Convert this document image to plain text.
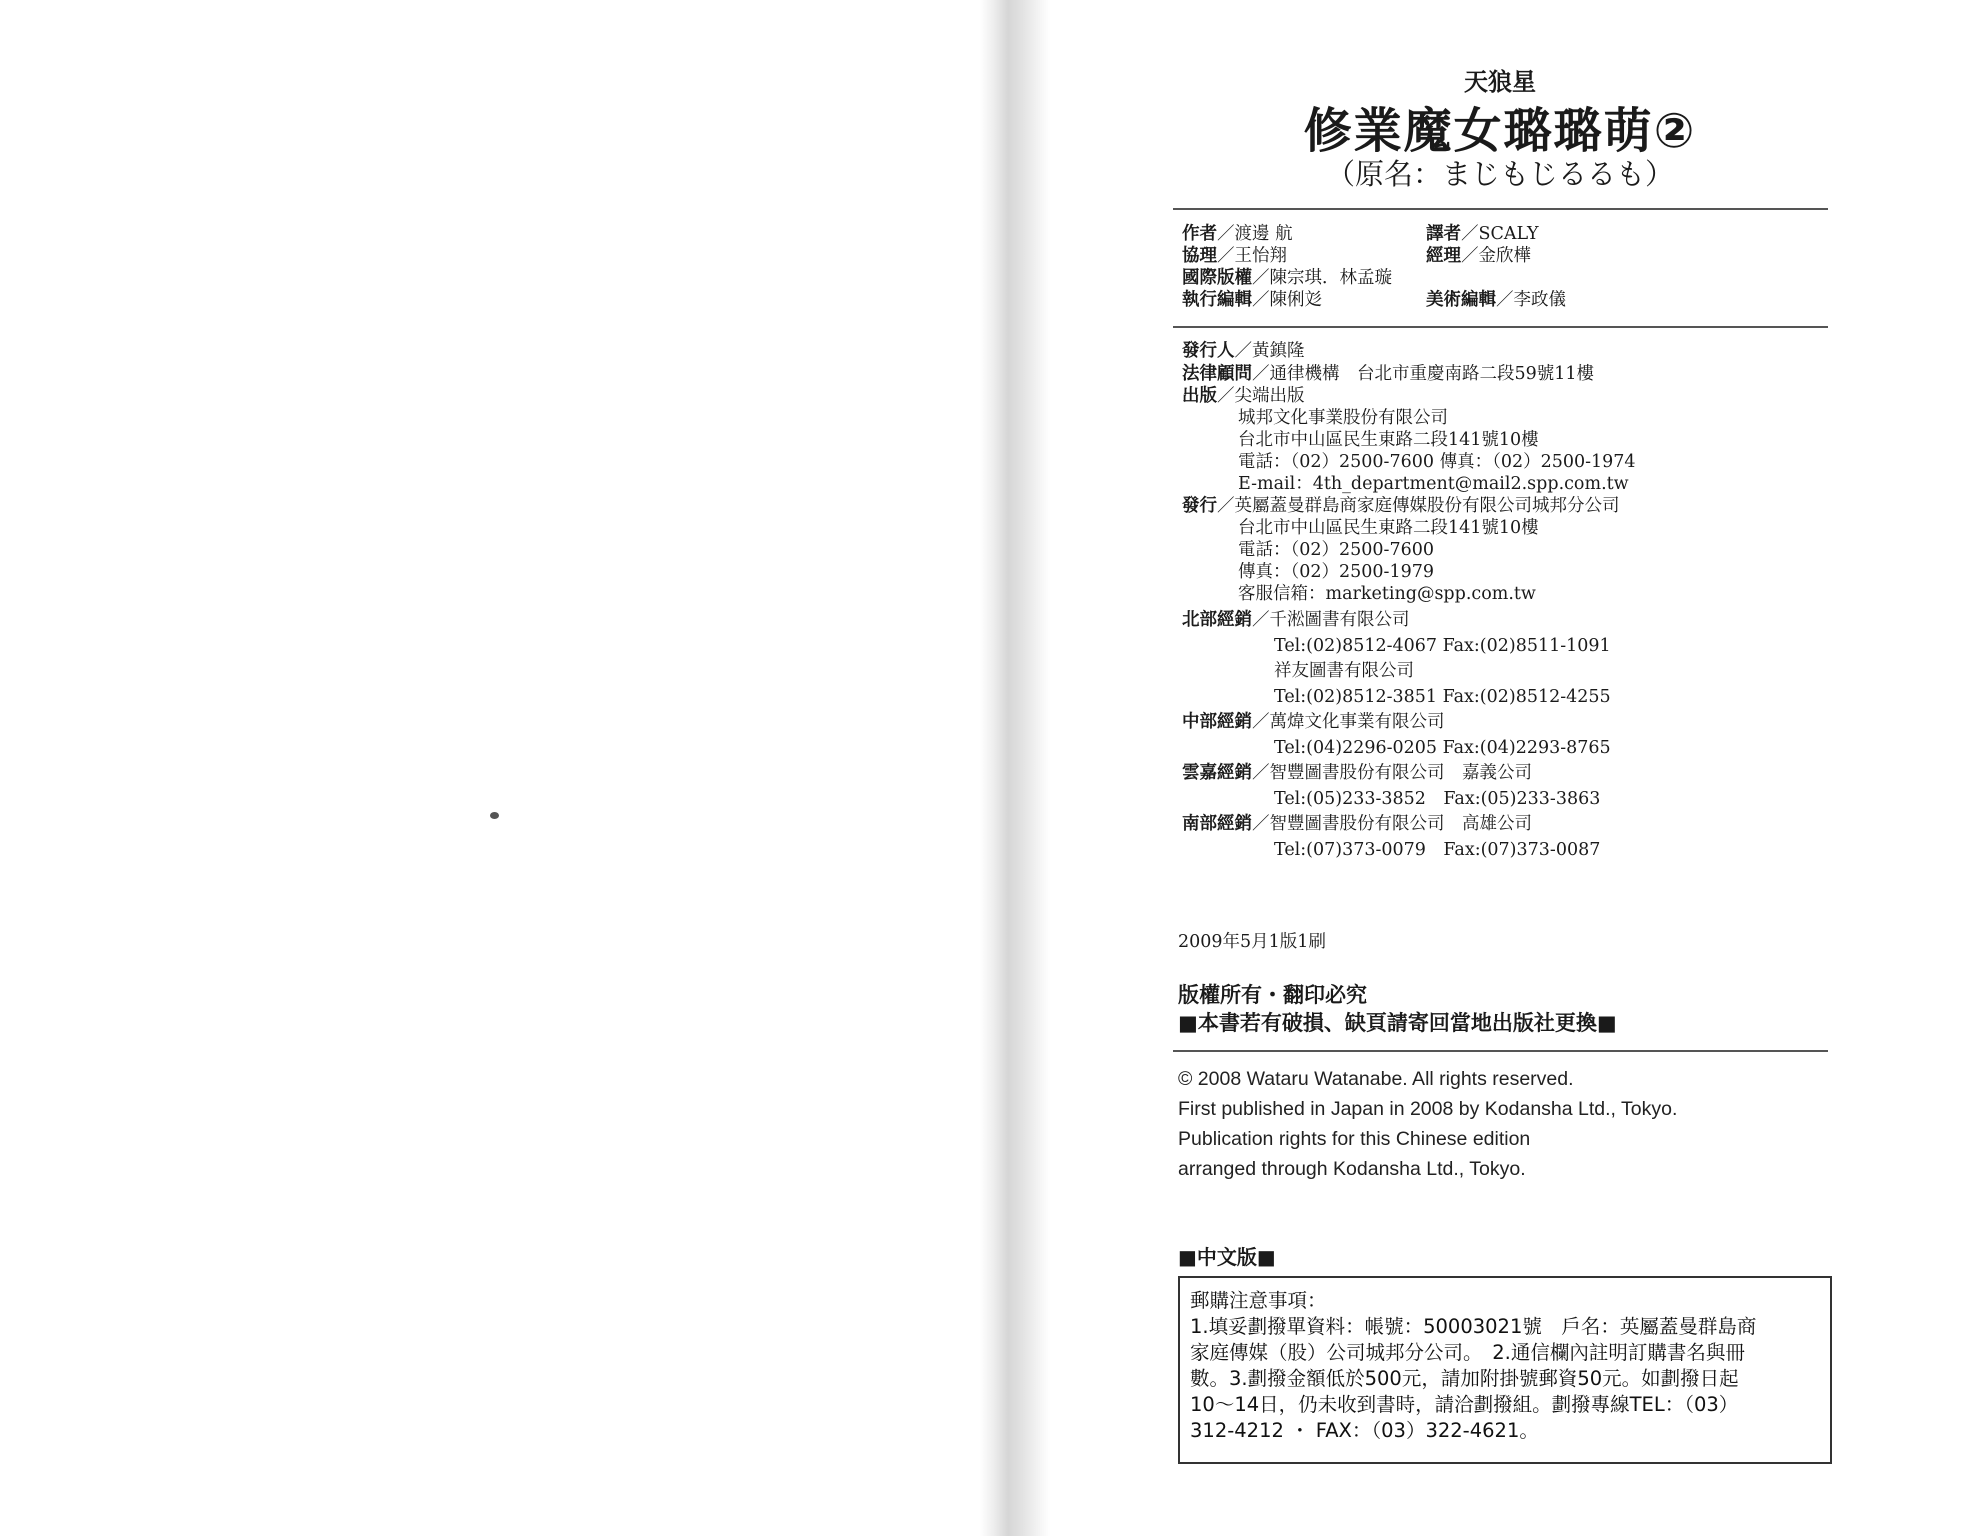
天狼星
修業魔女璐璐萌②
（原名：まじもじるるも）
作者／渡邊 航	譯者／SCALY
協理／王怡翔	經理／金欣樺
國際版權／陳宗琪．林孟璇
執行編輯／陳俐彣	美術編輯／李政儀
發行人／黃鎮隆
法律顧問／通律機構　台北市重慶南路二段59號11樓
出版／尖端出版
城邦文化事業股份有限公司
台北市中山區民生東路二段141號10樓
電話：（02）2500-7600 傳真：（02）2500-1974
E-mail：4th_department@mail2.spp.com.tw
發行／英屬蓋曼群島商家庭傳媒股份有限公司城邦分公司
台北市中山區民生東路二段141號10樓
電話：（02）2500-7600
傳真：（02）2500-1979
客服信箱：marketing@spp.com.tw
北部經銷／千淞圖書有限公司
Tel:(02)8512-4067 Fax:(02)8511-1091
祥友圖書有限公司
Tel:(02)8512-3851 Fax:(02)8512-4255
中部經銷／萬煒文化事業有限公司
Tel:(04)2296-0205 Fax:(04)2293-8765
雲嘉經銷／智豐圖書股份有限公司　嘉義公司
Tel:(05)233-3852　Fax:(05)233-3863
南部經銷／智豐圖書股份有限公司　高雄公司
Tel:(07)373-0079　Fax:(07)373-0087
2009年5月1版1刷
版權所有・翻印必究
■本書若有破損、缺頁請寄回當地出版社更換■
© 2008 Wataru Watanabe. All rights reserved.
First published in Japan in 2008 by Kodansha Ltd., Tokyo.
Publication rights for this Chinese edition
arranged through Kodansha Ltd., Tokyo.
■中文版■
郵購注意事項：
1.填妥劃撥單資料：帳號：50003021號　戶名：英屬蓋曼群島商
家庭傳媒（股）公司城邦分公司。　2.通信欄內註明訂購書名與冊
數。3.劃撥金額低於500元，請加附掛號郵資50元。如劃撥日起
10～14日，仍未收到書時，請洽劃撥組。劃撥專線TEL：（03）
312-4212 ・ FAX：（03）322-4621。
